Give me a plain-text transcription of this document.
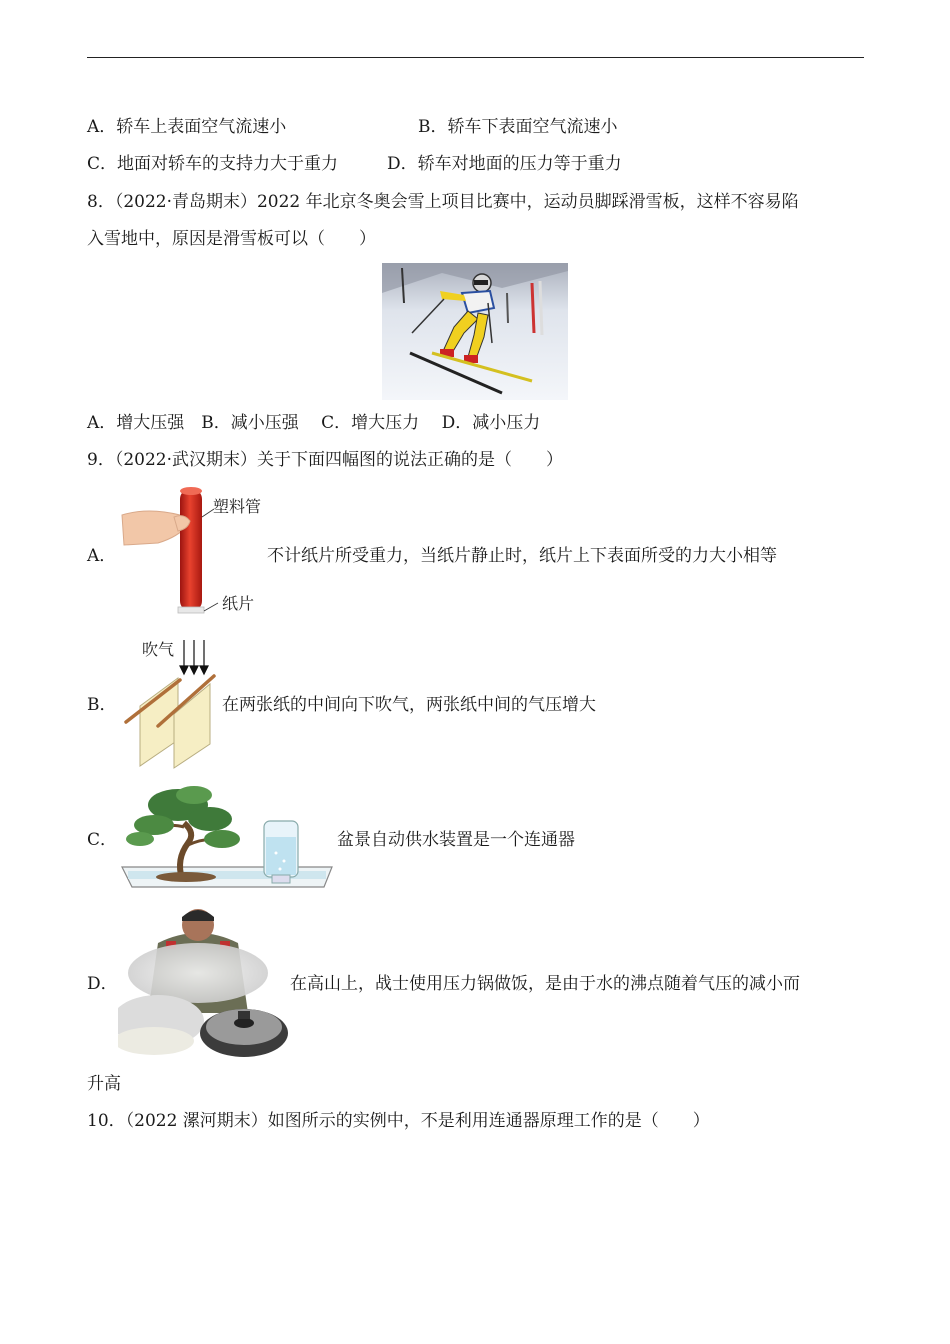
A．轿车上表面空气流速小	B．轿车下表面空气流速小
C．地面对轿车的支持力大于重力	D．轿车对地面的压力等于重力
8．（2022·青岛期末）2022 年北京冬奥会雪上项目比赛中，运动员脚踩滑雪板，这样不容易陷
入雪地中，原因是滑雪板可以（　　）
A．增大压强　B．减小压强　 C．增大压力　 D．减小压力
9．（2022·武汉期末）关于下面四幅图的说法正确的是（　　）
A．
塑料管
纸片
不计纸片所受重力，当纸片静止时，纸片上下表面所受的力大小相等
B．
吹气
在两张纸的中间向下吹气，两张纸中间的气压增大
C．	盆景自动供水装置是一个连通器
D．	在高山上，战士使用压力锅做饭，是由于水的沸点随着气压的减小而
升高
10．（2022 漯河期末）如图所示的实例中，不是利用连通器原理工作的是（　　）
